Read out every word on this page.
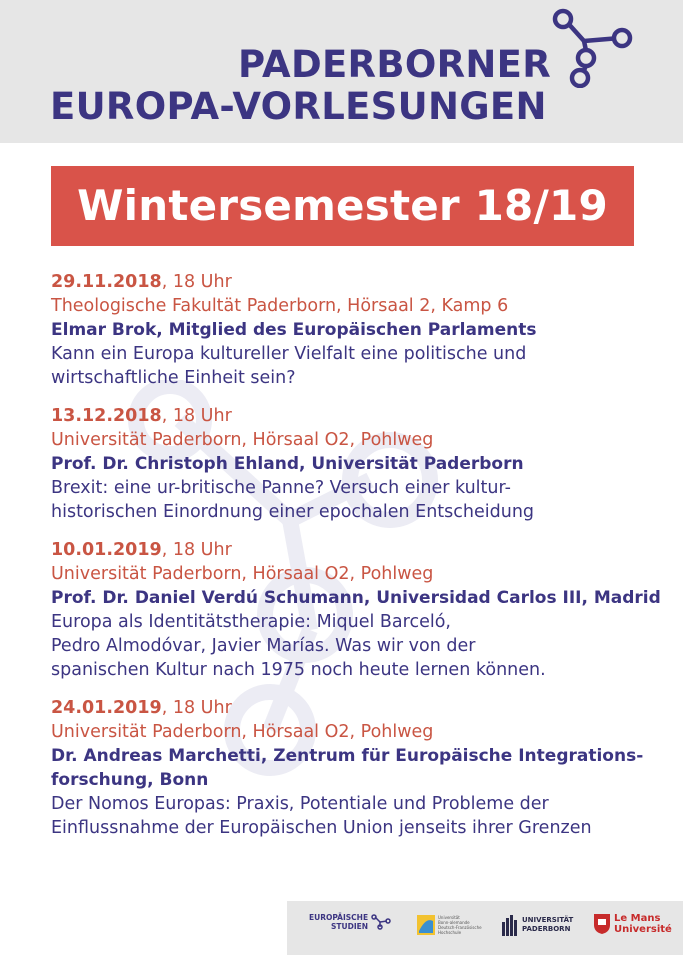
PADERBORNER
EUROPA-VORLESUNGEN
Wintersemester 18/19
29.11.2018, 18 Uhr
Theologische Fakultät Paderborn, Hörsaal 2, Kamp 6
Elmar Brok, Mitglied des Europäischen Parlaments
Kann ein Europa kultureller Vielfalt eine politische und
wirtschaftliche Einheit sein?
13.12.2018, 18 Uhr
Universität Paderborn, Hörsaal O2, Pohlweg
Prof. Dr. Christoph Ehland, Universität Paderborn
Brexit: eine ur-britische Panne? Versuch einer kultur-
historischen Einordnung einer epochalen Entscheidung
10.01.2019, 18 Uhr
Universität Paderborn, Hörsaal O2, Pohlweg
Prof. Dr. Daniel Verdú Schumann, Universidad Carlos III, Madrid
Europa als Identitätstherapie: Miquel Barceló,
Pedro Almodóvar, Javier Marías. Was wir von der
spanischen Kultur nach 1975 noch heute lernen können.
24.01.2019, 18 Uhr
Universität Paderborn, Hörsaal O2, Pohlweg
Dr. Andreas Marchetti, Zentrum für Europäische Integrations-
forschung, Bonn
Der Nomos Europas: Praxis, Potentiale und Probleme der
Einflussnahme der Europäischen Union jenseits ihrer Grenzen
EUROPÄISCHE
STUDIEN
Universität
Bonn-alemande
Deutsch-Französische
Hochschule
UNIVERSITÄT
PADERBORN
Le Mans
Université
